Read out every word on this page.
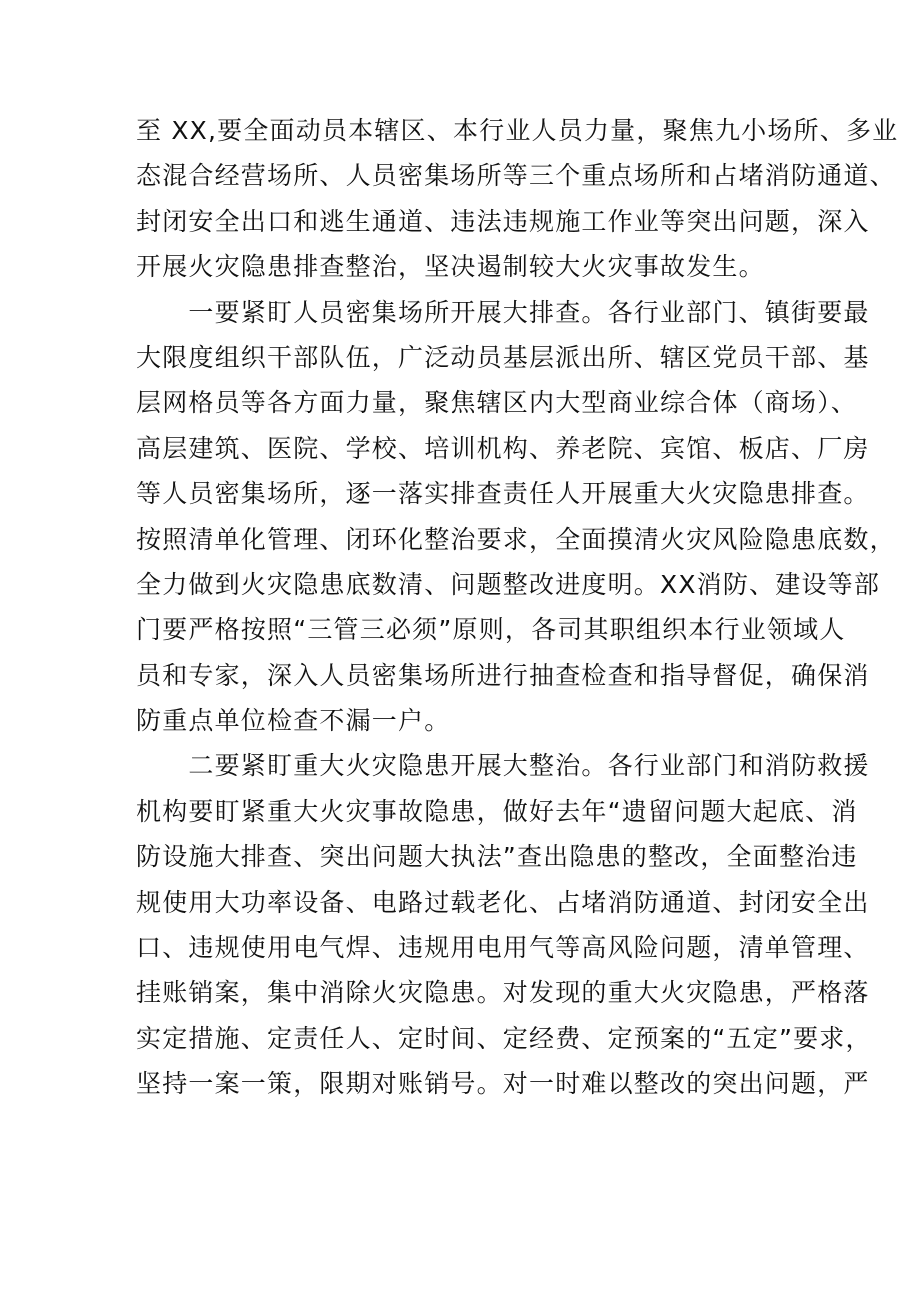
至 XX,要全面动员本辖区、本行业人员力量，聚焦九小场所、多业
态混合经营场所、人员密集场所等三个重点场所和占堵消防通道、
封闭安全出口和逃生通道、违法违规施工作业等突出问题，深入
开展火灾隐患排查整治，坚决遏制较大火灾事故发生。
　　一要紧盯人员密集场所开展大排查。各行业部门、镇街要最
大限度组织干部队伍，广泛动员基层派出所、辖区党员干部、基
层网格员等各方面力量，聚焦辖区内大型商业综合体（商场）、
高层建筑、医院、学校、培训机构、养老院、宾馆、板店、厂房
等人员密集场所，逐一落实排查责任人开展重大火灾隐患排查。
按照清单化管理、闭环化整治要求，全面摸清火灾风险隐患底数，
全力做到火灾隐患底数清、问题整改进度明。XX消防、建设等部
门要严格按照“三管三必须”原则，各司其职组织本行业领域人
员和专家，深入人员密集场所进行抽查检查和指导督促，确保消
防重点单位检查不漏一户。
　　二要紧盯重大火灾隐患开展大整治。各行业部门和消防救援
机构要盯紧重大火灾事故隐患，做好去年“遗留问题大起底、消
防设施大排查、突出问题大执法”查出隐患的整改，全面整治违
规使用大功率设备、电路过载老化、占堵消防通道、封闭安全出
口、违规使用电气焊、违规用电用气等高风险问题，清单管理、
挂账销案，集中消除火灾隐患。对发现的重大火灾隐患，严格落
实定措施、定责任人、定时间、定经费、定预案的“五定”要求，
坚持一案一策，限期对账销号。对一时难以整改的突出问题，严
